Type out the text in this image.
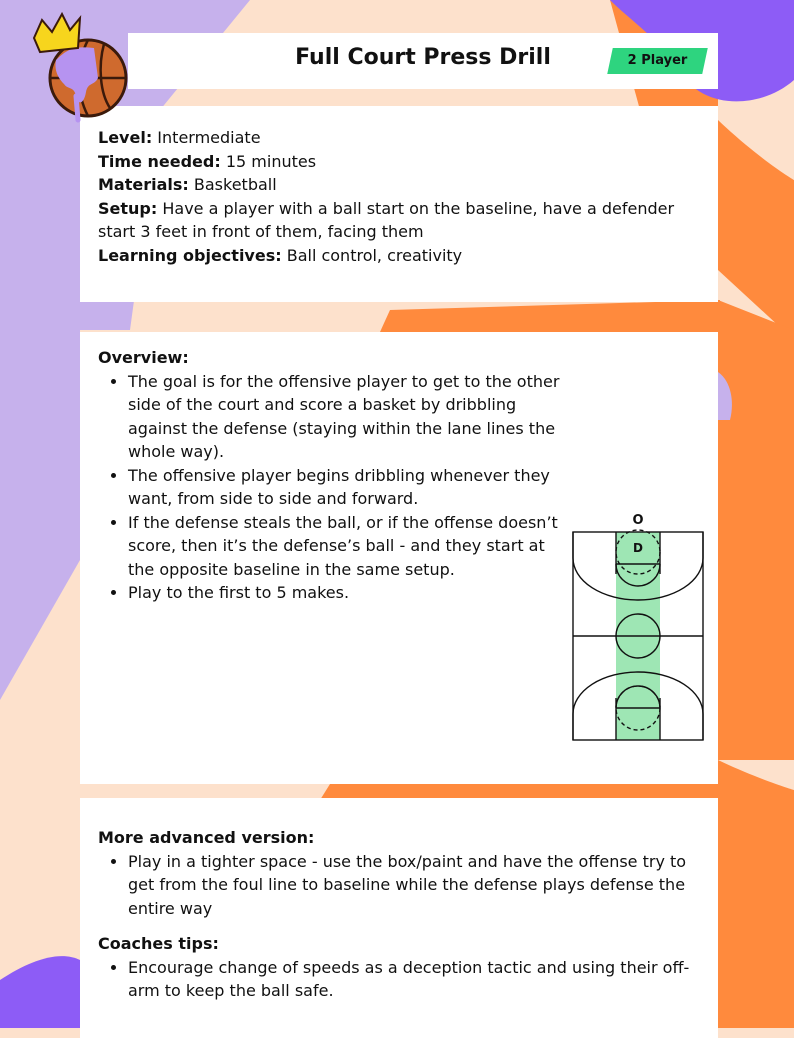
Full Court Press Drill	2 Player

Level: Intermediate

Time needed: 15 minutes

Materials: Basketball

Setup: Have a player with a ball start on the baseline, have a defender start 3 feet in front of them, facing them

Learning objectives: Ball control, creativity

Overview:

• The goal is for the offensive player to get to the other side of the court and score a basket by dribbling against the defense (staying within the lane lines the whole way).
• The offensive player begins dribbling whenever they want, from side to side and forward.
• If the defense steals the ball, or if the offense doesn’t score, then it’s the defense’s ball - and they start at the opposite baseline in the same setup.
• Play to the first to 5 makes.
O
D

More advanced version:

• Play in a tighter space - use the box/paint and have the offense try to get from the foul line to baseline while the defense plays defense the entire way

Coaches tips:

• Encourage change of speeds as a deception tactic and using their off-arm to keep the ball safe.
